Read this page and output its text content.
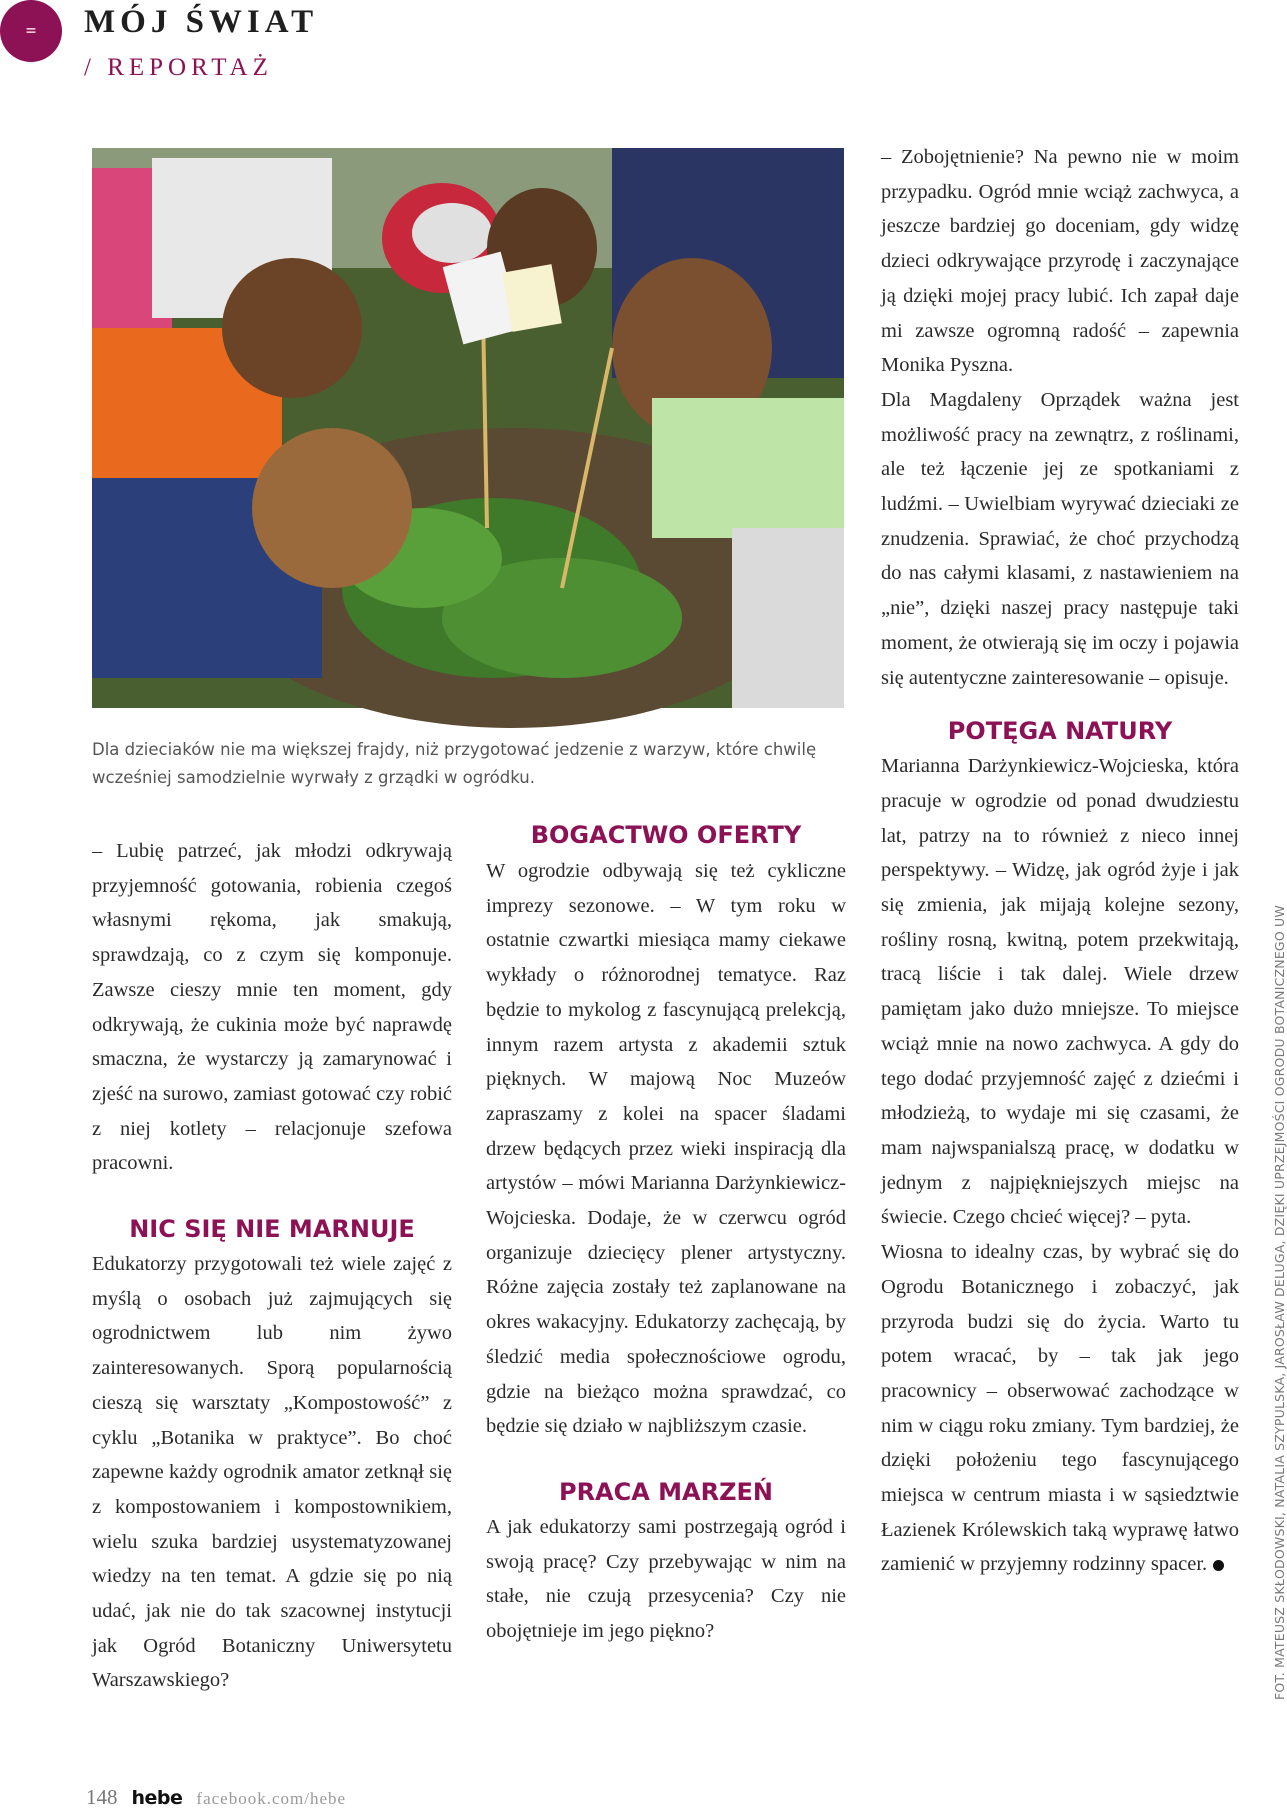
= MÓJ ŚWIAT
/ REPORTAŻ
Dla dzieciaków nie ma większej frajdy, niż przygotować jedzenie z warzyw, które chwilę wcześniej samodzielnie wyrwały z grządki w ogródku.

– Lubię patrzeć, jak młodzi odkrywają przyjemność gotowania, robienia czegoś własnymi rękoma, jak smakują, sprawdzają, co z czym się komponuje. Zawsze cieszy mnie ten moment, gdy odkrywają, że cukinia może być naprawdę smaczna, że wystarczy ją zamarynować i zjeść na surowo, zamiast gotować czy robić z niej kotlety – relacjonuje szefowa pracowni.

NIC SIĘ NIE MARNUJE

Edukatorzy przygotowali też wiele zajęć z myślą o osobach już zajmujących się ogrodnictwem lub nim żywo zainteresowanych. Sporą popularnością cieszą się warsztaty „Kompostowość” z cyklu „Botanika w praktyce”. Bo choć zapewne każdy ogrodnik amator zetknął się z kompostowaniem i kompostownikiem, wielu szuka bardziej usystematyzowanej wiedzy na ten temat. A gdzie się po nią udać, jak nie do tak szacownej instytucji jak Ogród Botaniczny Uniwersytetu Warszawskiego?

BOGACTWO OFERTY

W ogrodzie odbywają się też cykliczne imprezy sezonowe. – W tym roku w ostatnie czwartki miesiąca mamy ciekawe wykłady o różnorodnej tematyce. Raz będzie to mykolog z fascynującą prelekcją, innym razem artysta z akademii sztuk pięknych. W majową Noc Muzeów zapraszamy z kolei na spacer śladami drzew będących przez wieki inspiracją dla artystów – mówi Marianna Darżynkiewicz-Wojcieska. Dodaje, że w czerwcu ogród organizuje dziecięcy plener artystyczny. Różne zajęcia zostały też zaplanowane na okres wakacyjny. Edukatorzy zachęcają, by śledzić media społecznościowe ogrodu, gdzie na bieżąco można sprawdzać, co będzie się działo w najbliższym czasie.

PRACA MARZEŃ

A jak edukatorzy sami postrzegają ogród i swoją pracę? Czy przebywając w nim na stałe, nie czują przesycenia? Czy nie obojętnieje im jego piękno?

– Zobojętnienie? Na pewno nie w moim przypadku. Ogród mnie wciąż zachwyca, a jeszcze bardziej go doceniam, gdy widzę dzieci odkrywające przyrodę i zaczynające ją dzięki mojej pracy lubić. Ich zapał daje mi zawsze ogromną radość – zapewnia Monika Pyszna.

Dla Magdaleny Oprządek ważna jest możliwość pracy na zewnątrz, z roślinami, ale też łączenie jej ze spotkaniami z ludźmi. – Uwielbiam wyrywać dzieciaki ze znudzenia. Sprawiać, że choć przychodzą do nas całymi klasami, z nastawieniem na „nie”, dzięki naszej pracy następuje taki moment, że otwierają się im oczy i pojawia się autentyczne zainteresowanie – opisuje.

POTĘGA NATURY

Marianna Darżynkiewicz-Wojcieska, która pracuje w ogrodzie od ponad dwudziestu lat, patrzy na to również z nieco innej perspektywy. – Widzę, jak ogród żyje i jak się zmienia, jak mijają kolejne sezony, rośliny rosną, kwitną, potem przekwitają, tracą liście i tak dalej. Wiele drzew pamiętam jako dużo mniejsze. To miejsce wciąż mnie na nowo zachwyca. A gdy do tego dodać przyjemność zajęć z dziećmi i młodzieżą, to wydaje mi się czasami, że mam najwspanialszą pracę, w dodatku w jednym z najpiękniejszych miejsc na świecie. Czego chcieć więcej? – pyta.

Wiosna to idealny czas, by wybrać się do Ogrodu Botanicznego i zobaczyć, jak przyroda budzi się do życia. Warto tu potem wracać, by – tak jak jego pracownicy – obserwować zachodzące w nim w ciągu roku zmiany. Tym bardziej, że dzięki położeniu tego fascynującego miejsca w centrum miasta i w sąsiedztwie Łazienek Królewskich taką wyprawę łatwo zamienić w przyjemny rodzinny spacer.	FOT. MATEUSZ SKŁODOWSKI, NATALIA SZYPULSKA, JAROSŁAW DELUGA, DZIĘKI UPRZEJMOŚCI OGRODU BOTANICZNEGO UW
148 hebe facebook.com/hebe
